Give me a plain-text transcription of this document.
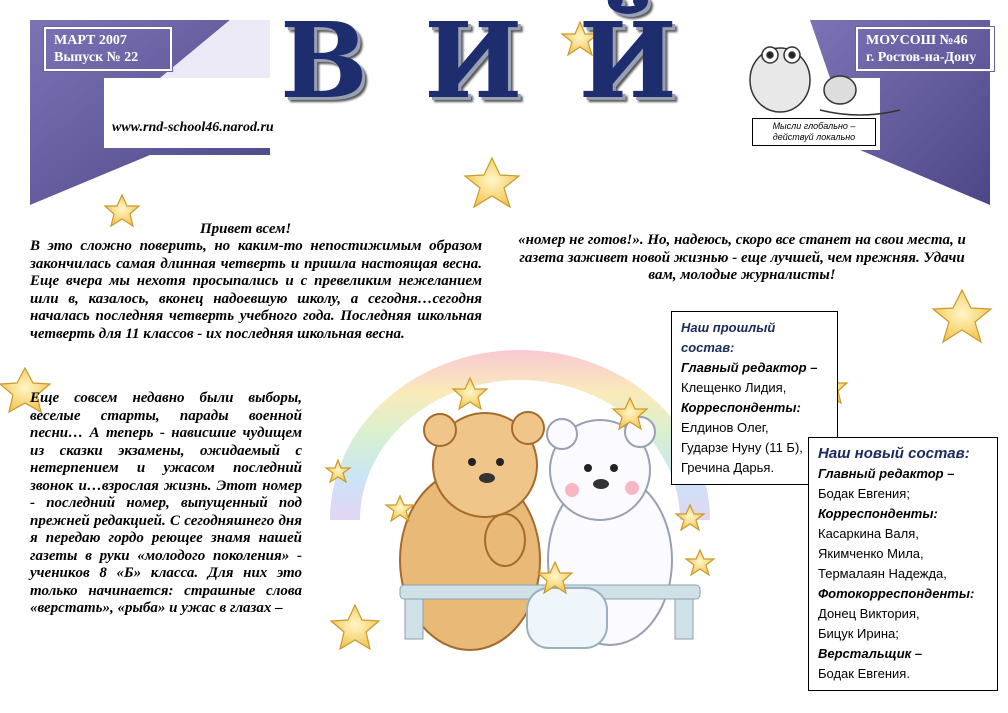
МАРТ 2007
Выпуск № 22
МОУСОШ №46
г. Ростов-на-Дону
В И Й
www.rnd-school46.narod.ru	Мысли глобально –
действуй локально
Привет всем!
В это сложно поверить, но каким-то непостижимым образом закончилась самая длинная четверть и пришла настоящая весна. Еще вчера мы нехотя просыпались и с превеликим нежеланием шли в, казалось, вконец надоевшую школу, а сегодня…сегодня началась последняя четверть учебного года. Последняя школьная четверть для 11 классов - их последняя школьная весна.
Еще совсем недавно были выборы, веселые старты, парады военной песни… А теперь - нависшие чудищем из сказки экзамены, ожидаемый с нетерпением и ужасом последний звонок и…взрослая жизнь. Этот номер - последний номер, выпущенный под прежней редакцией. С сегодняшнего дня я передаю гордо реющее знамя нашей газеты в руки «молодого поколения» - ученикoв 8 «Б» класса. Для них это только начинается: страшные слова «верстать», «рыба» и ужас в глазах –
«номер не готов!». Но, надеюсь, скоро все станет на свои места, и газета заживет новой жизнью - еще лучшей, чем прежняя. Удачи вам, молодые журналисты!
Наш прошлый состав:
Главный редактор –
Клещенко Лидия,
Корреспонденты:
Елдинов Олег,
Гударзе Нуну (11 Б),
Гречина Дарья.
Наш новый состав:
Главный редактор –
Бодак Евгения;
Корреспонденты:
Касаркина Валя,
Якимченко Мила,
Термалаян Надежда,
Фотокорреспонденты:
Донец Виктория,
Бицук Ирина;
Верстальщик –
Бодак Евгения.
